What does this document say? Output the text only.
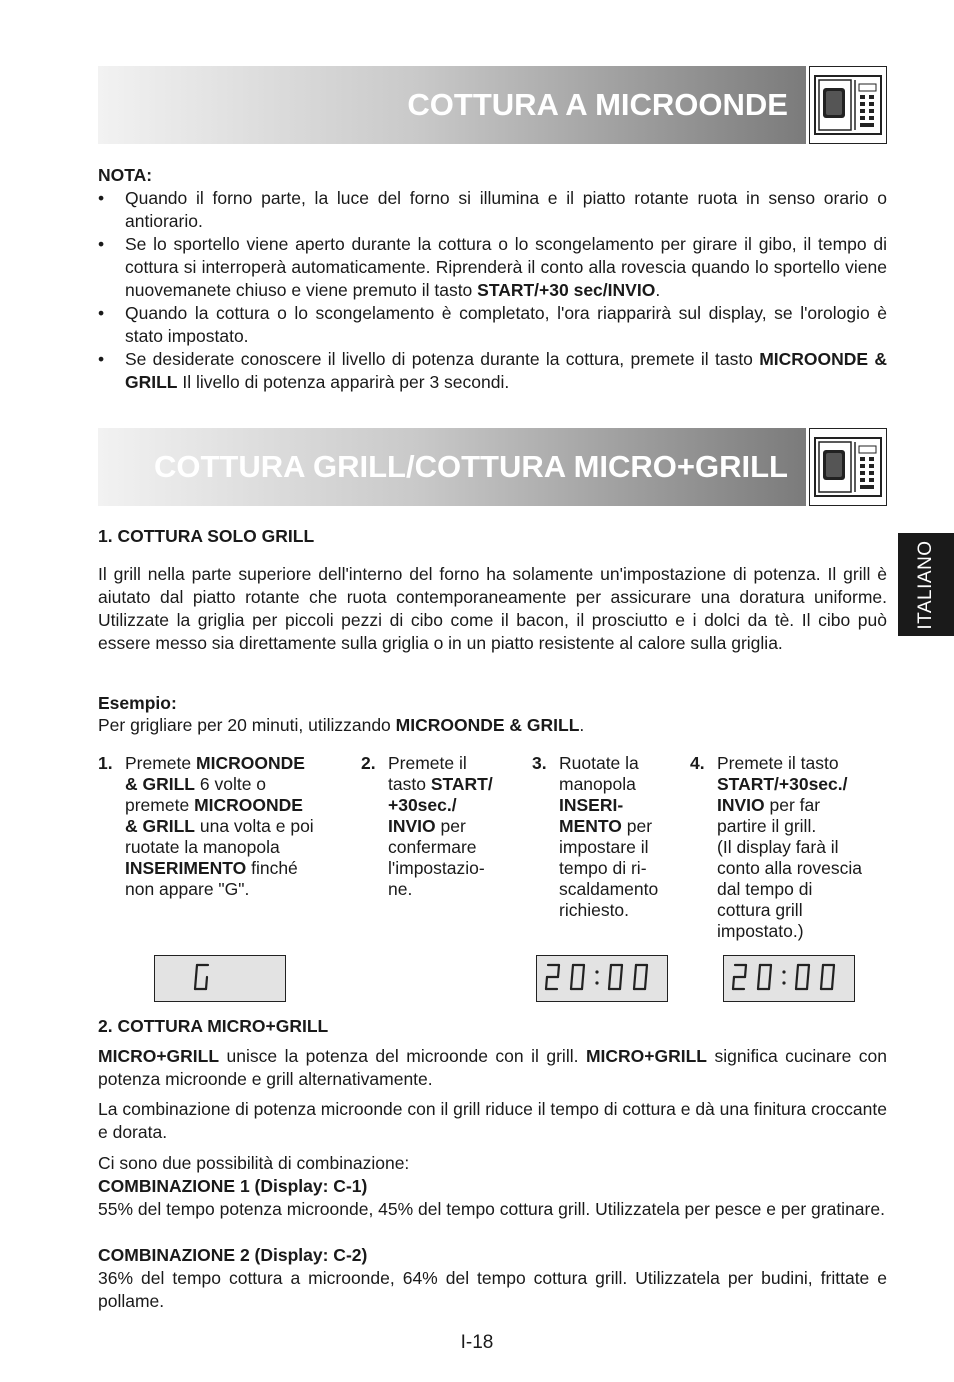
COTTURA A MICROONDE
NOTA:
• Quando il forno parte, la luce del forno si illumina e il piatto rotante ruota in senso orario o antiorario.
• Se lo sportello viene aperto durante la cottura o lo scongelamento per girare il gibo, il tempo di cottura si interroperà automaticamente. Riprenderà il conto alla rovescia quando lo sportello viene nuovemanete chiuso e viene premuto il tasto START/+30 sec/INVIO.
• Quando la cottura o lo scongelamento è completato, l'ora riapparirà sul display, se l'orologio è stato impostato.
• Se desiderate conoscere il livello di potenza durante la cottura, premete il tasto MICROONDE & GRILL Il livello di potenza apparirà per 3 secondi.
COTTURA GRILL/COTTURA MICRO+GRILL
ITALIANO
1. COTTURA SOLO GRILL
Il grill nella parte superiore dell'interno del forno ha solamente un'impostazione di potenza. Il grill è aiutato dal piatto rotante che ruota contemporaneamente per assicurare una doratura uniforme. Utilizzate la griglia per piccoli pezzi di cibo come il bacon, il prosciutto e i dolci da tè. Il cibo può essere messo sia direttamente sulla griglia o in un piatto resistente al calore sulla griglia.
Esempio:
Per grigliare per 20 minuti, utilizzando MICROONDE & GRILL.
1. Premete MICROONDE
& GRILL 6 volte o
premete MICROONDE
& GRILL una volta e poi
ruotate la manopola
INSERIMENTO finché
non appare "G".
2. Premete il
tasto START/
+30sec./
INVIO per
confermare
l'impostazio-
ne.
3. Ruotate la
manopola
INSERI-
MENTO per
impostare il
tempo di ri-
scaldamento
richiesto.
4. Premete il tasto
START/+30sec./
INVIO per far
partire il grill.
(Il display farà il
conto alla rovescia
dal tempo di
cottura grill
impostato.)
2. COTTURA MICRO+GRILL
MICRO+GRILL unisce la potenza del microonde con il grill. MICRO+GRILL significa cucinare con potenza microonde e grill alternativamente.
La combinazione di potenza microonde con il grill riduce il tempo di cottura e dà una finitura croccante e dorata.
Ci sono due possibilità di combinazione:
COMBINAZIONE 1 (Display: C-1)
55% del tempo potenza microonde, 45% del tempo cottura grill. Utilizzatela per pesce e per gratinare.
COMBINAZIONE 2 (Display: C-2)
36% del tempo cottura a microonde, 64% del tempo cottura grill. Utilizzatela per budini, frittate e pollame.
I-18
